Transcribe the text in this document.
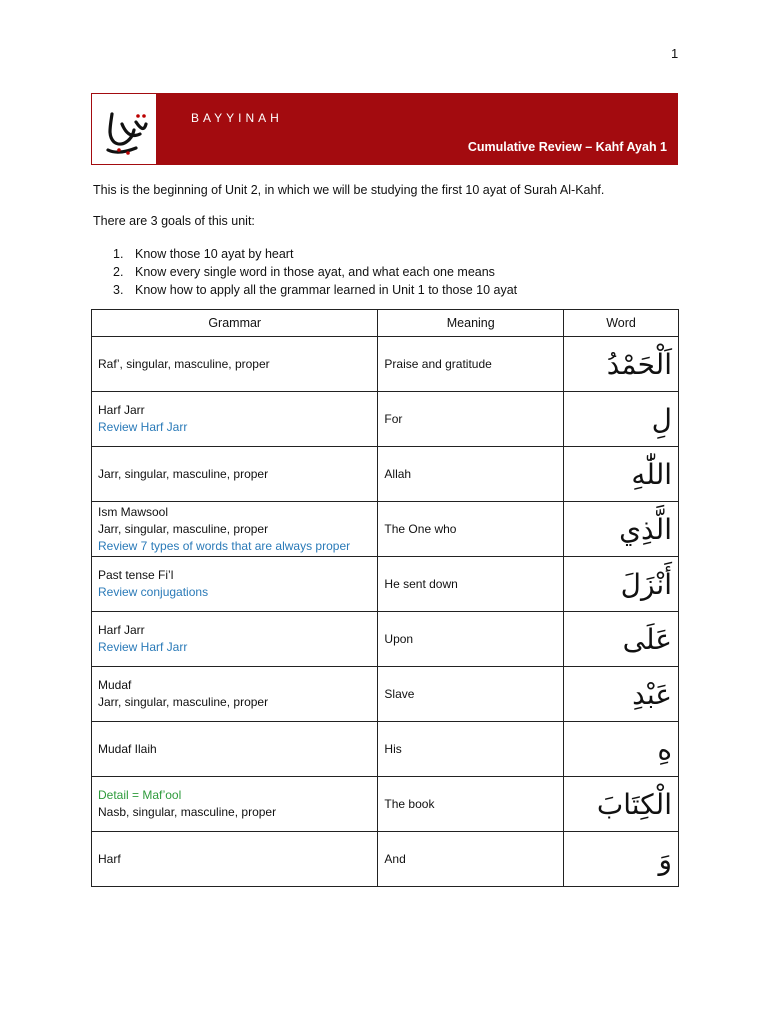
1
BAYYINAH
Cumulative Review – Kahf Ayah 1
This is the beginning of Unit 2, in which we will be studying the first 10 ayat of Surah Al-Kahf.
There are 3 goals of this unit:
1. Know those 10 ayat by heart
2. Know every single word in those ayat, and what each one means
3. Know how to apply all the grammar learned in Unit 1 to those 10 ayat
Grammar	Meaning	Word

Raf’, singular, masculine, proper	Praise and gratitude	اَلْحَمْدُ

Harf Jarr
Review Harf Jarr	For	لِ

Jarr, singular, masculine, proper	Allah	اللّٰهِ

Ism Mawsool
Jarr, singular, masculine, proper
Review 7 types of words that are always proper	The One who	الَّذِي

Past tense Fi’l
Review conjugations	He sent down	أَنْزَلَ

Harf Jarr
Review Harf Jarr	Upon	عَلَى

Mudaf
Jarr, singular, masculine, proper	Slave	عَبْدِ

Mudaf Ilaih	His	هِ

Detail = Maf’ool
Nasb, singular, masculine, proper	The book	الْكِتَابَ

Harf	And	وَ
